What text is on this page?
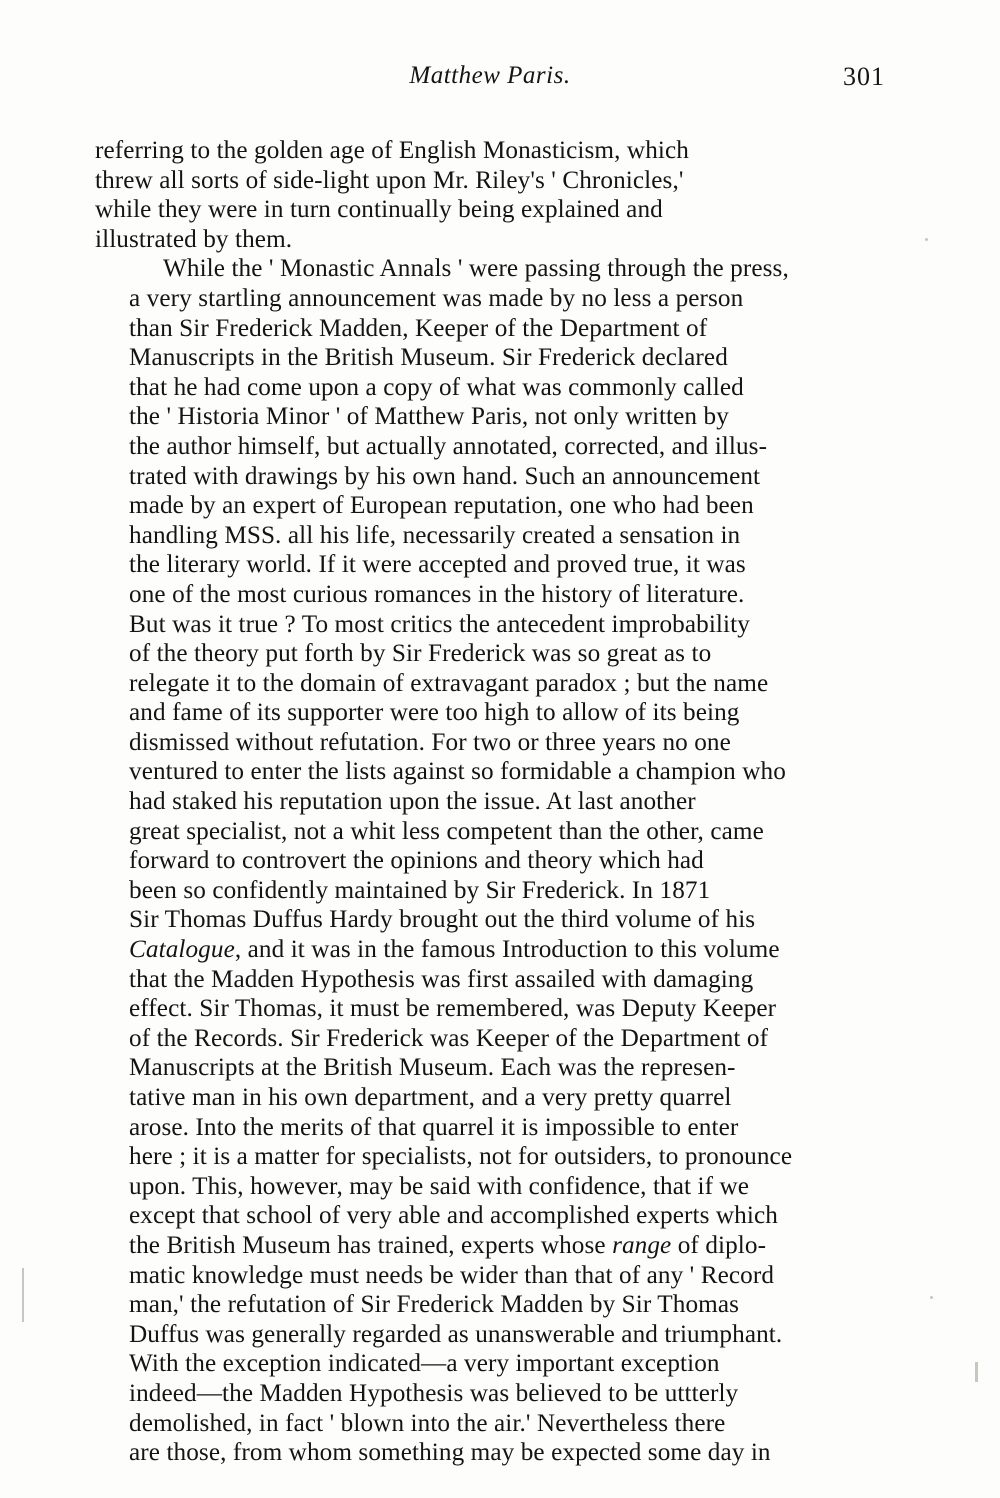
Matthew Paris.	301

referring to the golden age of English Monasticism, which
threw all sorts of side-light upon Mr. Riley's ' Chronicles,'
while they were in turn continually being explained and
illustrated by them.

While the ' Monastic Annals ' were passing through the press,
a very startling announcement was made by no less a person
than Sir Frederick Madden, Keeper of the Department of
Manuscripts in the British Museum. Sir Frederick declared
that he had come upon a copy of what was commonly called
the ' Historia Minor ' of Matthew Paris, not only written by
the author himself, but actually annotated, corrected, and illus-
trated with drawings by his own hand. Such an announcement
made by an expert of European reputation, one who had been
handling MSS. all his life, necessarily created a sensation in
the literary world. If it were accepted and proved true, it was
one of the most curious romances in the history of literature.
But was it true ? To most critics the antecedent improbability
of the theory put forth by Sir Frederick was so great as to
relegate it to the domain of extravagant paradox ; but the name
and fame of its supporter were too high to allow of its being
dismissed without refutation. For two or three years no one
ventured to enter the lists against so formidable a champion who
had staked his reputation upon the issue. At last another
great specialist, not a whit less competent than the other, came
forward to controvert the opinions and theory which had
been so confidently maintained by Sir Frederick. In 1871
Sir Thomas Duffus Hardy brought out the third volume of his
Catalogue, and it was in the famous Introduction to this volume
that the Madden Hypothesis was first assailed with damaging
effect. Sir Thomas, it must be remembered, was Deputy Keeper
of the Records. Sir Frederick was Keeper of the Department of
Manuscripts at the British Museum. Each was the represen-
tative man in his own department, and a very pretty quarrel
arose. Into the merits of that quarrel it is impossible to enter
here ; it is a matter for specialists, not for outsiders, to pronounce
upon. This, however, may be said with confidence, that if we
except that school of very able and accomplished experts which
the British Museum has trained, experts whose range of diplo-
matic knowledge must needs be wider than that of any ' Record
man,' the refutation of Sir Frederick Madden by Sir Thomas
Duffus was generally regarded as unanswerable and triumphant.
With the exception indicated—a very important exception
indeed—the Madden Hypothesis was believed to be uttterly
demolished, in fact ' blown into the air.' Nevertheless there
are those, from whom something may be expected some day in
